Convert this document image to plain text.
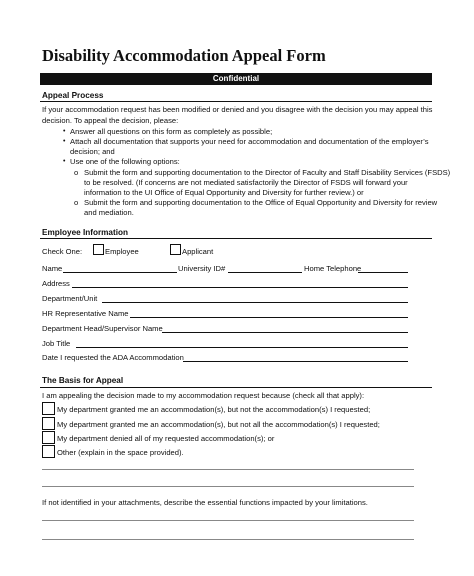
Disability Accommodation Appeal Form
Confidential
Appeal Process
If your accommodation request has been modified or denied and you disagree with the decision you may appeal this
decision. To appeal the decision, please:
• Answer all questions on this form as completely as possible;
• Attach all documentation that supports your need for accommodation and documentation of the employer’s
decision; and
• Use one of the following options:
o Submit the form and supporting documentation to the Director of Faculty and Staff Disability Services (FSDS)
to be resolved. (If concerns are not mediated satisfactorily the Director of FSDS will forward your
information to the UI Office of Equal Opportunity and Diversity for further review.) or
o Submit the form and supporting documentation to the Office of Equal Opportunity and Diversity for review
and mediation.
Employee Information
Check One:	Employee	Applicant
Name	University ID#	Home Telephone
Address
Department/Unit
HR Representative Name
Department Head/Supervisor Name
Job Title
Date I requested the ADA Accommodation
The Basis for Appeal
I am appealing the decision made to my accommodation request because (check all that apply):
My department granted me an accommodation(s), but not the accommodation(s) I requested;
My department granted me an accommodation(s), but not all the accommodation(s) I requested;
My department denied all of my requested accommodation(s); or
Other (explain in the space provided).
If not identified in your attachments, describe the essential functions impacted by your limitations.
